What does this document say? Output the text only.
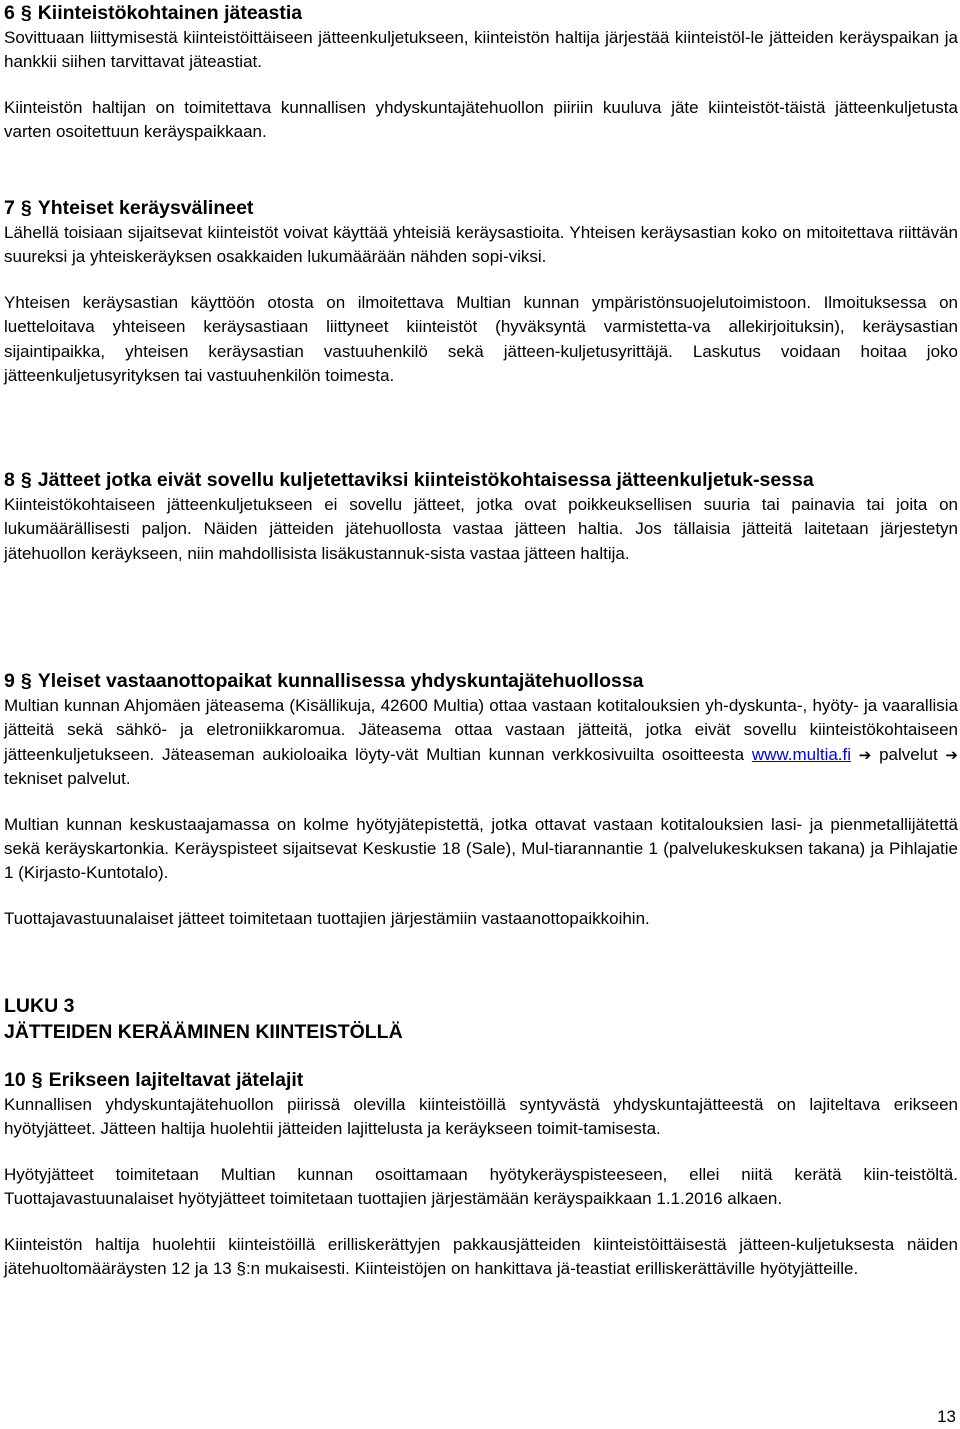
6 § Kiinteistökohtainen jäteastia

Sovittuaan liittymisestä kiinteistöittäiseen jätteenkuljetukseen, kiinteistön haltija järjestää kiinteistöl-le jätteiden keräyspaikan ja hankkii siihen tarvittavat jäteastiat.

Kiinteistön haltijan on toimitettava kunnallisen yhdyskuntajätehuollon piiriin kuuluva jäte kiinteistöt-täistä jätteenkuljetusta varten osoitettuun keräyspaikkaan.

7 § Yhteiset keräysvälineet

Lähellä toisiaan sijaitsevat kiinteistöt voivat käyttää yhteisiä keräysastioita. Yhteisen keräysastian koko on mitoitettava riittävän suureksi ja yhteiskeräyksen osakkaiden lukumäärään nähden sopi-viksi.

Yhteisen keräysastian käyttöön otosta on ilmoitettava Multian kunnan ympäristönsuojelutoimistoon. Ilmoituksessa on luetteloitava yhteiseen keräysastiaan liittyneet kiinteistöt (hyväksyntä varmistetta-va allekirjoituksin), keräysastian sijaintipaikka, yhteisen keräysastian vastuuhenkilö sekä jätteen-kuljetusyrittäjä. Laskutus voidaan hoitaa joko jätteenkuljetusyrityksen tai vastuuhenkilön toimesta.

8 § Jätteet jotka eivät sovellu kuljetettaviksi kiinteistökohtaisessa jätteenkuljetuk-sessa

Kiinteistökohtaiseen jätteenkuljetukseen ei sovellu jätteet, jotka ovat poikkeuksellisen suuria tai painavia tai joita on lukumäärällisesti paljon. Näiden jätteiden jätehuollosta vastaa jätteen haltia. Jos tällaisia jätteitä laitetaan järjestetyn jätehuollon keräykseen, niin mahdollisista lisäkustannuk-sista vastaa jätteen haltija.

9 § Yleiset vastaanottopaikat kunnallisessa yhdyskuntajätehuollossa

Multian kunnan Ahjomäen jäteasema (Kisällikuja, 42600 Multia) ottaa vastaan kotitalouksien yh-dyskunta-, hyöty- ja vaarallisia jätteitä sekä sähkö- ja eletroniikkaromua. Jäteasema ottaa vastaan jätteitä, jotka eivät sovellu kiinteistökohtaiseen jätteenkuljetukseen. Jäteaseman aukioloaika löyty-vät Multian kunnan verkkosivuilta osoitteesta www.multia.fi ➔ palvelut ➔ tekniset palvelut.

Multian kunnan keskustaajamassa on kolme hyötyjätepistettä, jotka ottavat vastaan kotitalouksien lasi- ja pienmetallijätettä sekä keräyskartonkia. Keräyspisteet sijaitsevat Keskustie 18 (Sale), Mul-tiarannantie 1 (palvelukeskuksen takana) ja Pihlajatie 1 (Kirjasto-Kuntotalo).

Tuottajavastuunalaiset jätteet toimitetaan tuottajien järjestämiin vastaanottopaikkoihin.

LUKU 3
JÄTTEIDEN KERÄÄMINEN KIINTEISTÖLLÄ
10 § Erikseen lajiteltavat jätelajit

Kunnallisen yhdyskuntajätehuollon piirissä olevilla kiinteistöillä syntyvästä yhdyskuntajätteestä on lajiteltava erikseen hyötyjätteet. Jätteen haltija huolehtii jätteiden lajittelusta ja keräykseen toimit-tamisesta.

Hyötyjätteet toimitetaan Multian kunnan osoittamaan hyötykeräyspisteeseen, ellei niitä kerätä kiin-teistöltä. Tuottajavastuunalaiset hyötyjätteet toimitetaan tuottajien järjestämään keräyspaikkaan 1.1.2016 alkaen.

Kiinteistön haltija huolehtii kiinteistöillä erilliskerättyjen pakkausjätteiden kiinteistöittäisestä jätteen-kuljetuksesta näiden jätehuoltomääräysten 12 ja 13 §:n mukaisesti. Kiinteistöjen on hankittava jä-teastiat erilliskerättäville hyötyjätteille.

13
